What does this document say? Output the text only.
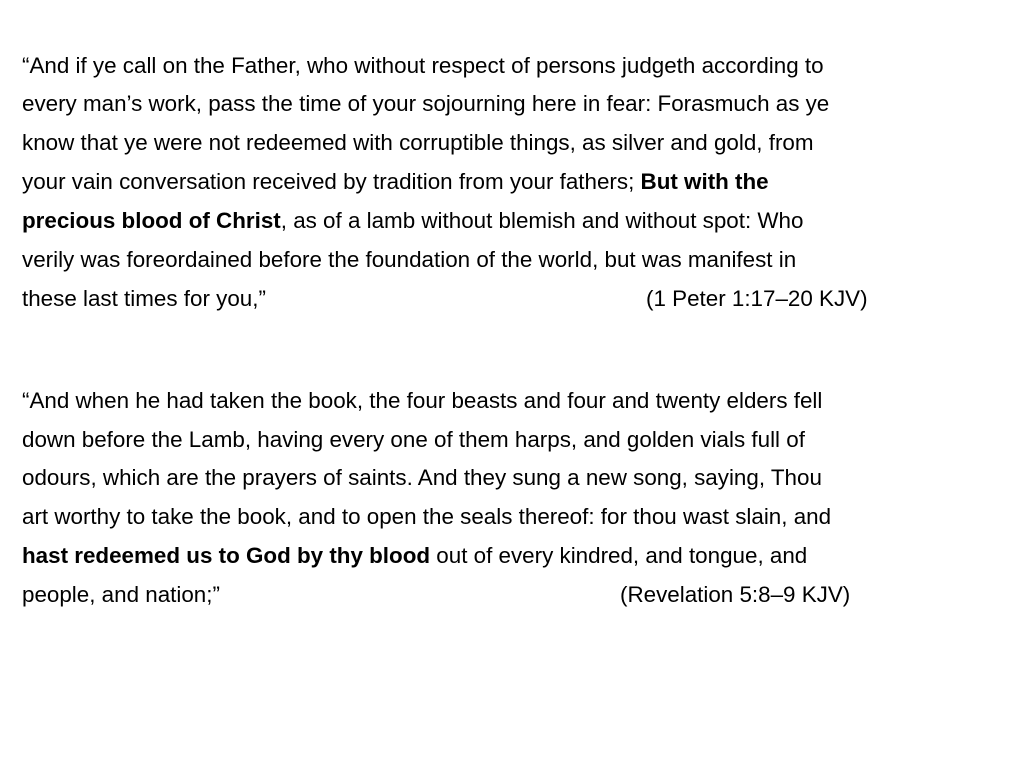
“And if ye call on the Father, who without respect of persons judgeth according to
every man’s work, pass the time of your sojourning here in fear: Forasmuch as ye
know that ye were not redeemed with corruptible things, as silver and gold, from
your vain conversation received by tradition from your fathers; But with the
precious blood of Christ, as of a lamb without blemish and without spot: Who
verily was foreordained before the foundation of the world, but was manifest in
these last times for you,”	(1 Peter 1:17–20 KJV)
“And when he had taken the book, the four beasts and four and twenty elders fell
down before the Lamb, having every one of them harps, and golden vials full of
odours, which are the prayers of saints. And they sung a new song, saying, Thou
art worthy to take the book, and to open the seals thereof: for thou wast slain, and
hast redeemed us to God by thy blood out of every kindred, and tongue, and
people, and nation;”	(Revelation 5:8–9 KJV)
